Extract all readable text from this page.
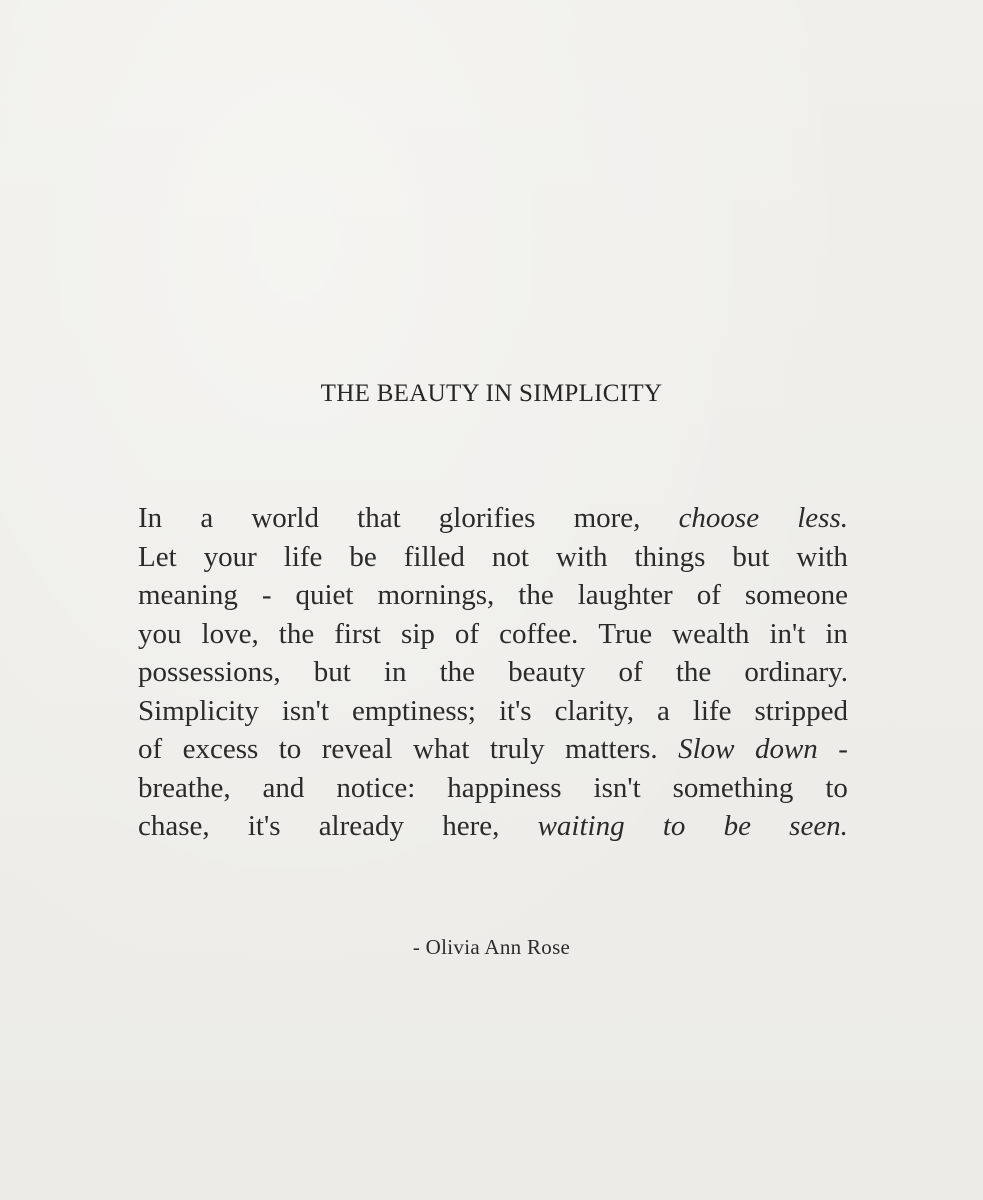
THE BEAUTY IN SIMPLICITY
In a world that glorifies more, choose less.
Let your life be filled not with things but with
meaning - quiet mornings, the laughter of someone
you love, the first sip of coffee. True wealth in't in
possessions, but in the beauty of the ordinary.
Simplicity isn't emptiness; it's clarity, a life stripped
of excess to reveal what truly matters. Slow down -
breathe, and notice: happiness isn't something to
chase, it's already here, waiting to be seen.
- Olivia Ann Rose
